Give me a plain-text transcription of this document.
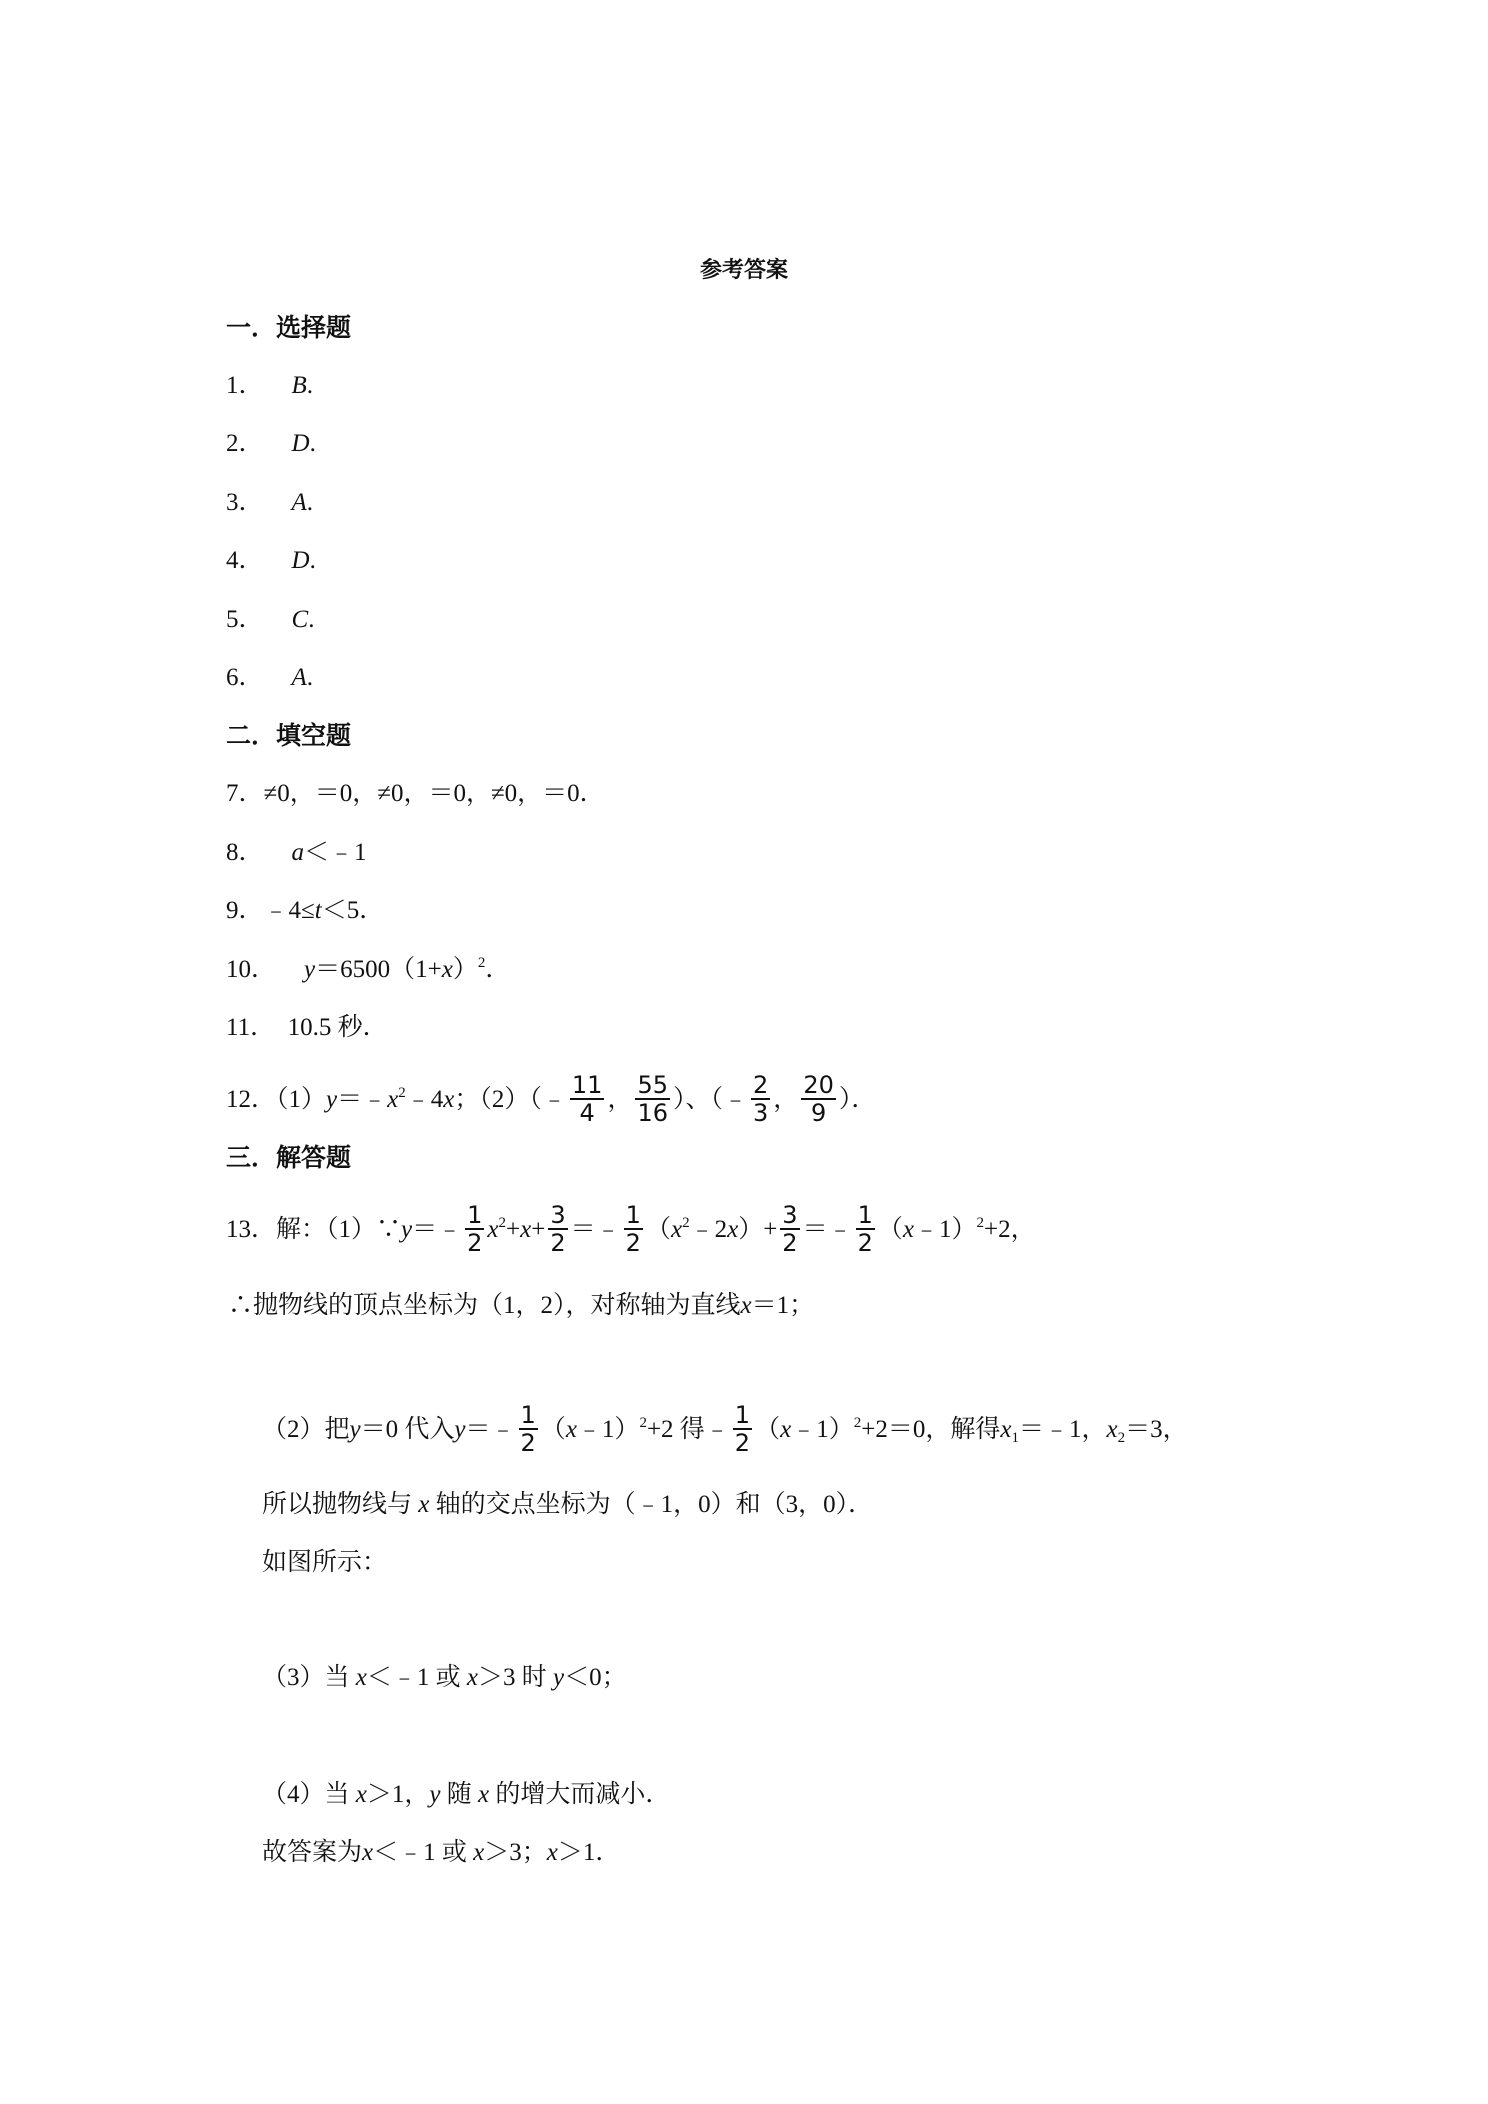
参考答案
一．选择题
1． B.
2． D.
3． A.
4． D.
5． C.
6． A.
二．填空题
7．≠0，＝0，≠0，＝0，≠0，＝0．
8． a＜﹣1
9．﹣4≤t＜5．
10． $y=6500(1+x)^2$．
11．  10.5 秒．
12．$(1)y=﹣x^2﹣4x$；（2）（﹣ $\frac{11}{4}$ ， $\frac{55}{16}$ ）、（﹣ $\frac{2}{3}$ ， $\frac{20}{9}$ ）．
三．解答题
13．解：（1）∵y＝﹣ $\frac{1}{2} x^2+x+ \frac{3}{2}$ ＝﹣ $\frac{1}{2}$ $(x^2﹣2x)+ \frac{3}{2}$ ＝﹣ $\frac{1}{2}$ （x﹣1）$^2$+2，
∴抛物线的顶点坐标为（1，2），对称轴为直线x＝1；
（2）把y＝0 代入y＝﹣ $\frac{1}{2}$ （x﹣1）$^2$+2 得﹣ $\frac{1}{2}$ （x﹣1）$^2$+2＝0，解得$x_1=﹣1$，$x_2=3$，
所以抛物线与 x 轴的交点坐标为（﹣1，0）和（3，0）．
如图所示：
（3）当 x＜﹣1 或 x＞3 时 y＜0；
（4）当 x＞1，y 随 x 的增大而减小．
故答案为x＜﹣1 或 x＞3；x＞1．
